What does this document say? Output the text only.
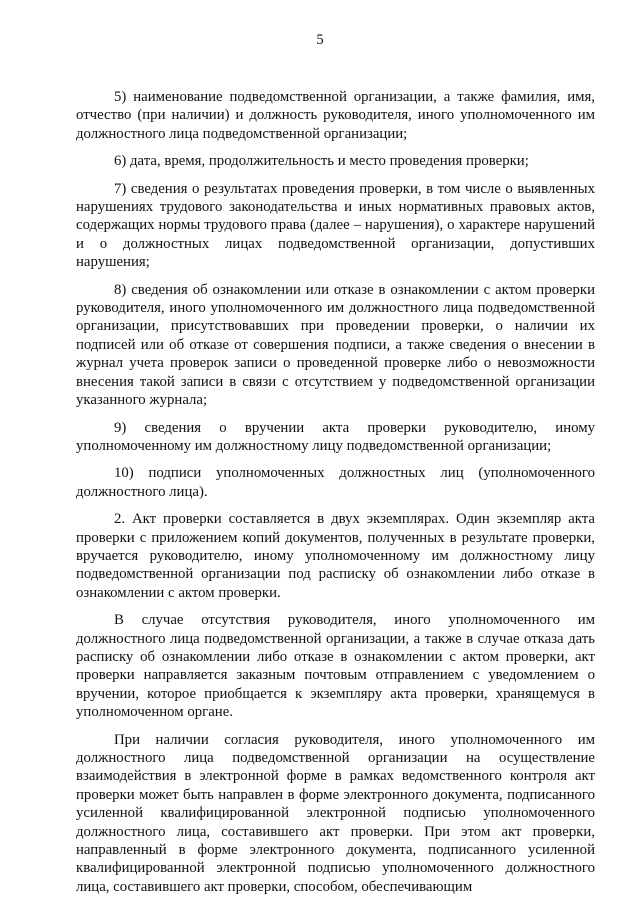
5

5) наименование подведомственной организации, а также фамилия, имя, отчество (при наличии) и должность руководителя, иного уполномоченного им должностного лица подведомственной организации;

6) дата, время, продолжительность и место проведения проверки;

7) сведения о результатах проведения проверки, в том числе о выявленных нарушениях трудового законодательства и иных нормативных правовых актов, содержащих нормы трудового права (далее – нарушения), о характере нарушений и о должностных лицах подведомственной организации, допустивших нарушения;

8) сведения об ознакомлении или отказе в ознакомлении с актом проверки руководителя, иного уполномоченного им должностного лица подведомственной организации, присутствовавших при проведении проверки, о наличии их подписей или об отказе от совершения подписи, а также сведения о внесении в журнал учета проверок записи о проведенной проверке либо о невозможности внесения такой записи в связи с отсутствием у подведомственной организации указанного журнала;

9) сведения о вручении акта проверки руководителю, иному уполномоченному им должностному лицу подведомственной организации;

10) подписи уполномоченных должностных лиц (уполномоченного должностного лица).

2. Акт проверки составляется в двух экземплярах. Один экземпляр акта проверки с приложением копий документов, полученных в результате проверки, вручается руководителю, иному уполномоченному им должностному лицу подведомственной организации под расписку об ознакомлении либо отказе в ознакомлении с актом проверки.

В случае отсутствия руководителя, иного уполномоченного им должностного лица подведомственной организации, а также в случае отказа дать расписку об ознакомлении либо отказе в ознакомлении с актом проверки, акт проверки направляется заказным почтовым отправлением с уведомлением о вручении, которое приобщается к экземпляру акта проверки, хранящемуся в уполномоченном органе.

При наличии согласия руководителя, иного уполномоченного им должностного лица подведомственной организации на осуществление взаимодействия в электронной форме в рамках ведомственного контроля акт проверки может быть направлен в форме электронного документа, подписанного усиленной квалифицированной электронной подписью уполномоченного должностного лица, составившего акт проверки. При этом акт проверки, направленный в форме электронного документа, подписанного усиленной квалифицированной электронной подписью уполномоченного должностного лица, составившего акт проверки, способом, обеспечивающим
